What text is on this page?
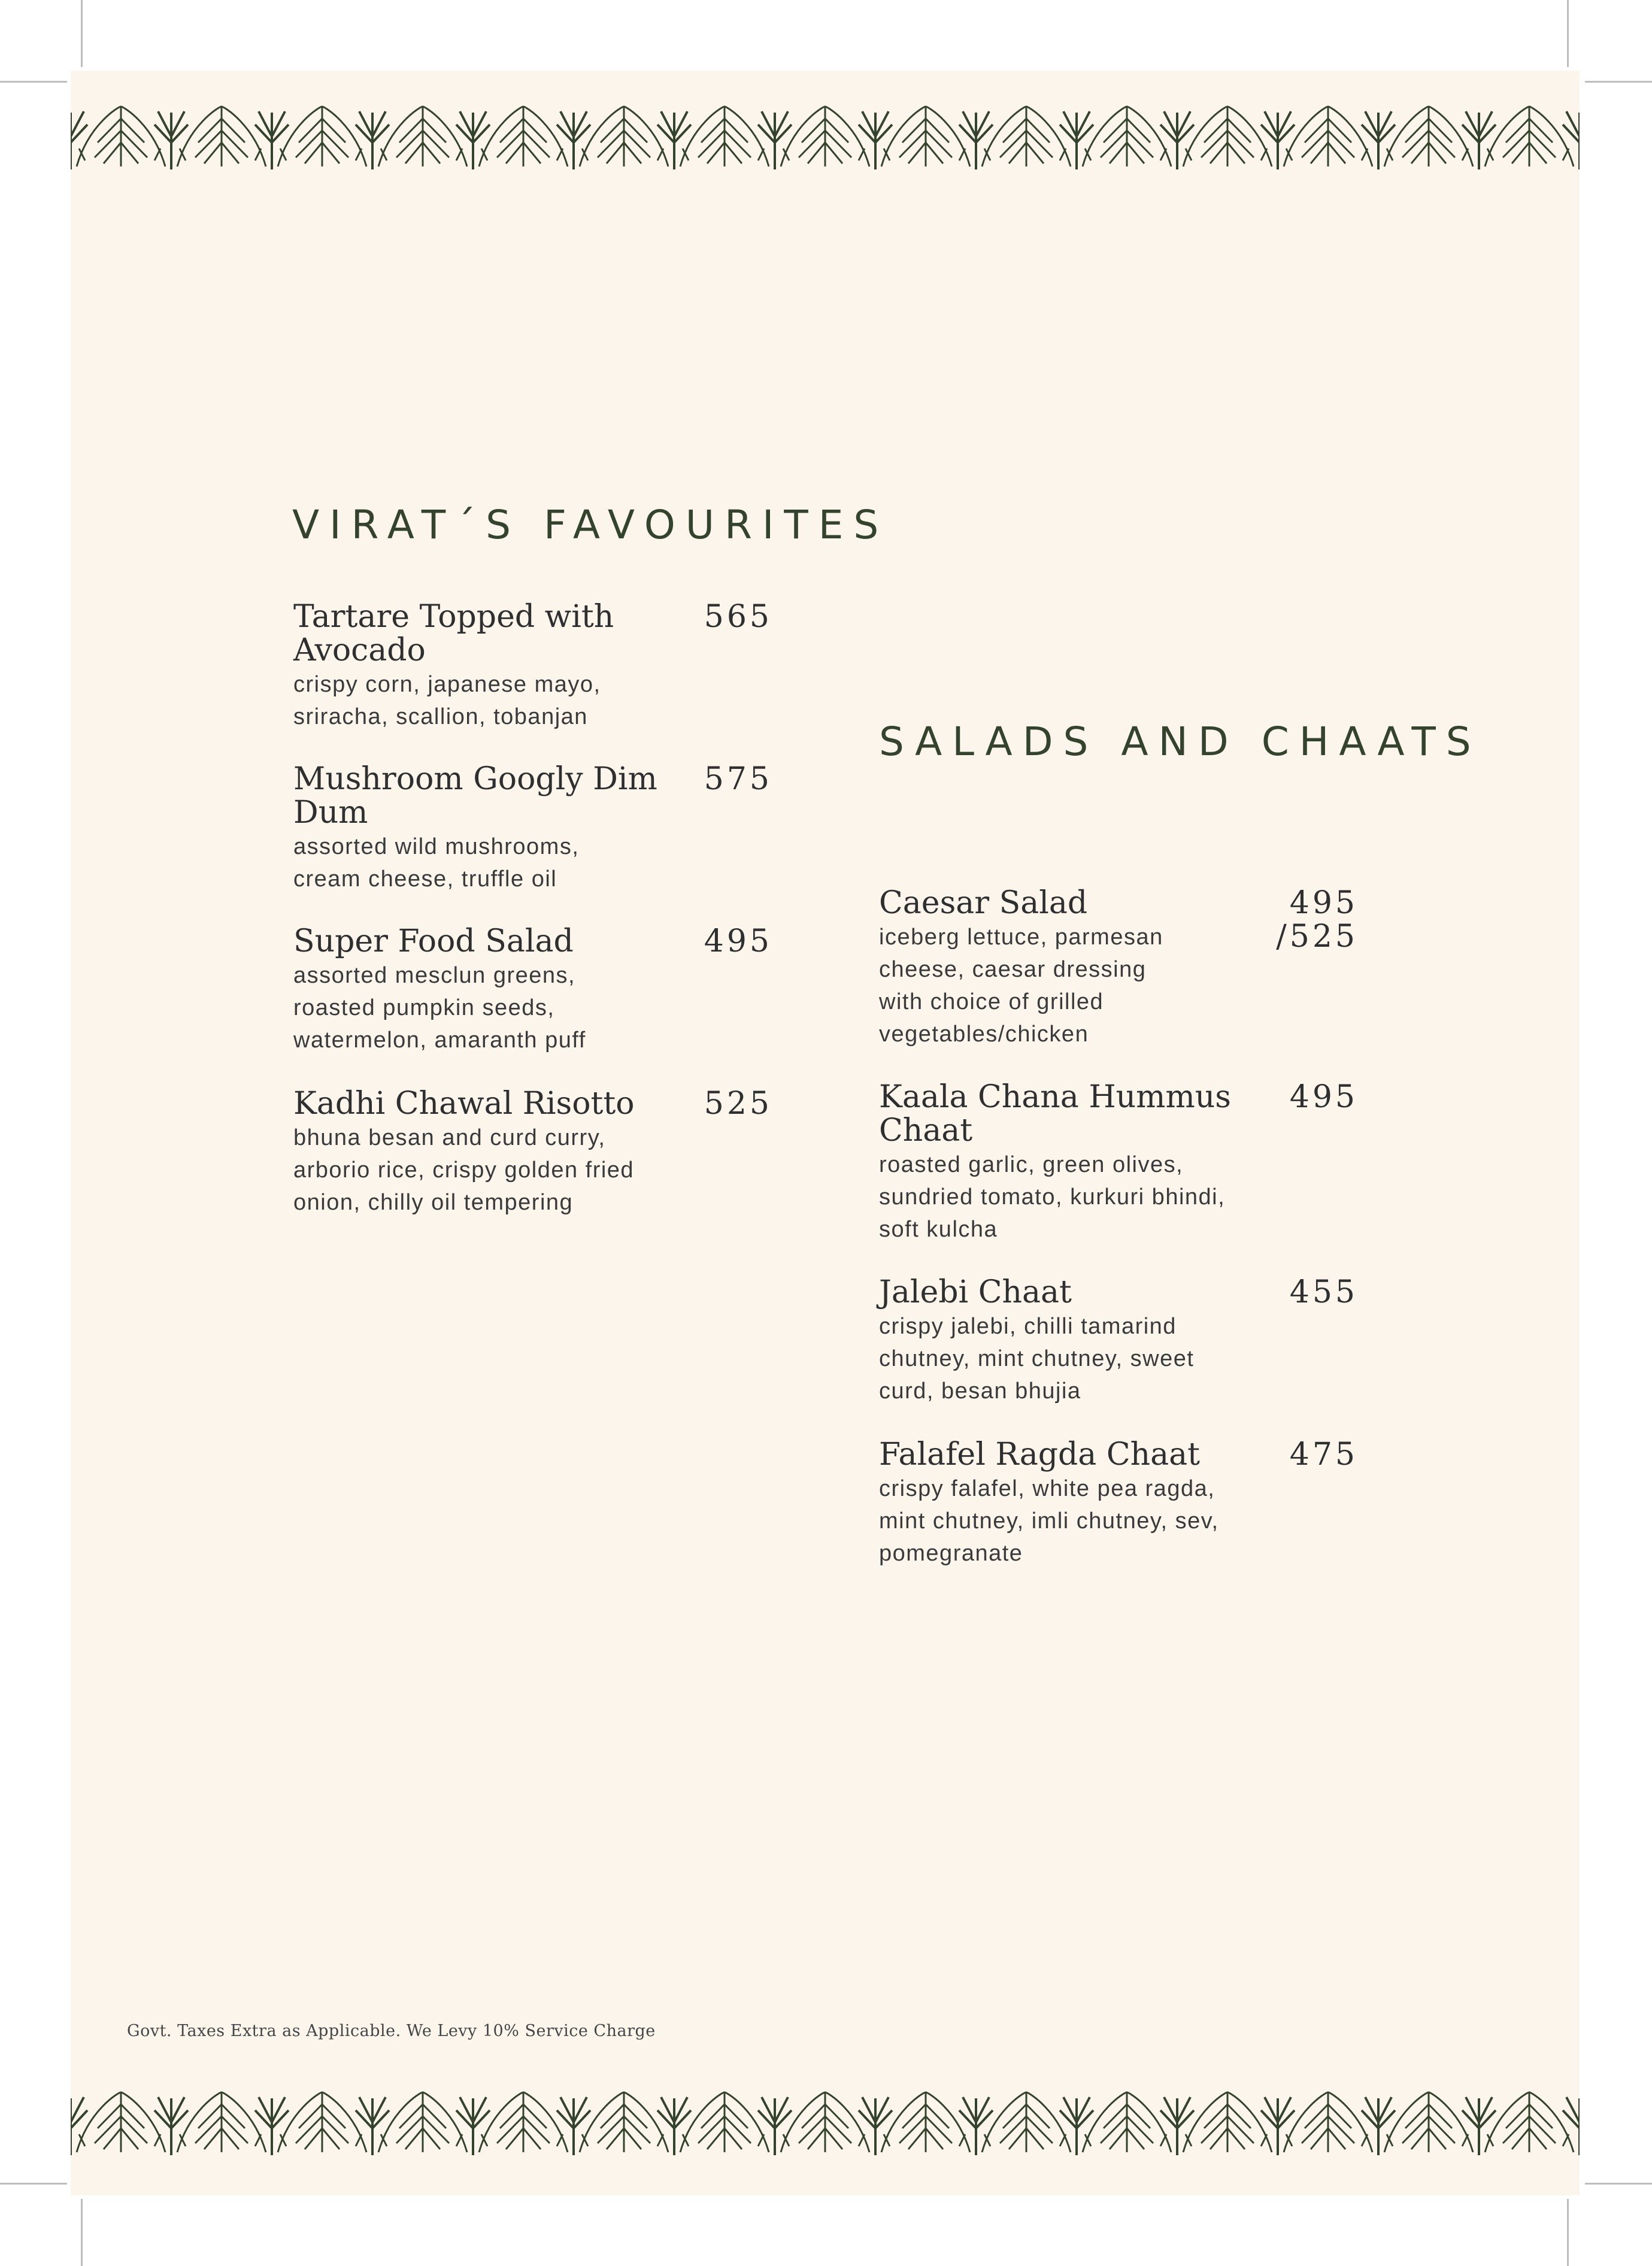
VIRAT´S FAVOURITES
Tartare Topped with Avocado
565
crispy corn, japanese mayo,
sriracha, scallion, tobanjan
Mushroom Googly Dim Dum
575
assorted wild mushrooms,
cream cheese, truffle oil
Super Food Salad	495
assorted mesclun greens,
roasted pumpkin seeds,
watermelon, amaranth puff
Kadhi Chawal Risotto	525
bhuna besan and curd curry,
arborio rice, crispy golden fried
onion, chilly oil tempering
SALADS AND CHAATS
Caesar Salad	495
/525
iceberg lettuce, parmesan
cheese, caesar dressing
with choice of grilled
vegetables/chicken
Kaala Chana Hummus Chaat
495
roasted garlic, green olives,
sundried tomato, kurkuri bhindi,
soft kulcha
Jalebi Chaat	455
crispy jalebi, chilli tamarind
chutney, mint chutney, sweet
curd, besan bhujia
Falafel Ragda Chaat	475
crispy falafel, white pea ragda,
mint chutney, imli chutney, sev,
pomegranate
Govt. Taxes Extra as Applicable. We Levy 10% Service Charge
